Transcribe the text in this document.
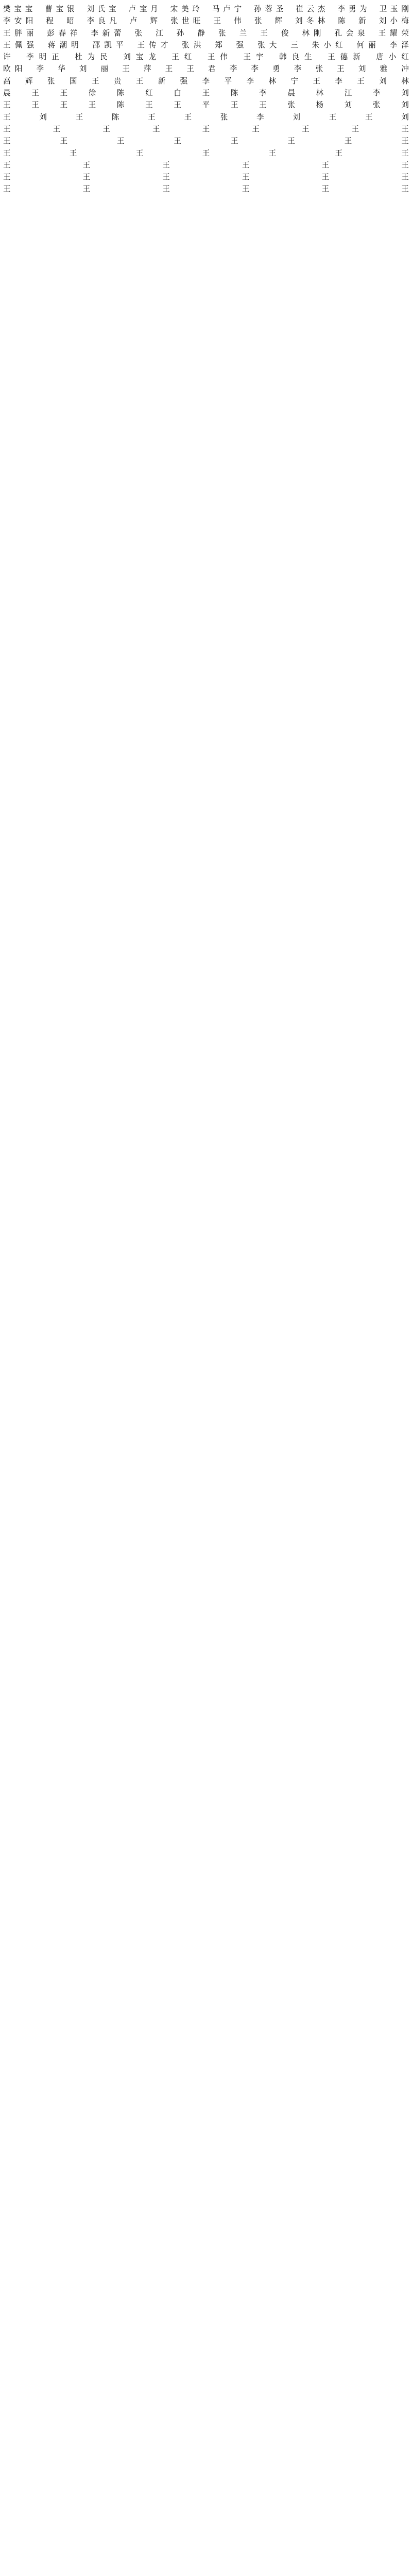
樊宝宝 曹宝银 刘氏宝 卢宝月 宋美玲 马卢宁 孙蓉圣 崔云杰 李勇为 卫玉刚
李安阳 程 昭 李良凡 卢 辉 张世旺 王 伟 张 辉 刘冬林 陈 新 刘小梅
王胖丽 彭春祥 李新蕾 张 江 孙 静 张 兰 王 俊 林刚 孔会泉 王耀荣
王佩强 蒋潮明 邵凯平 王传才 张洪 郑 强 张大 三 朱小红 何丽 李泽
许 李明正 杜为民 刘宝龙 王红 王伟 王宇 韩良生 王德新 唐小红
欧阳 李 华 刘 丽 王 萍 王 王 君 李 李 勇 李 张 王 刘 雅 冲
高 辉 张 国 王 贵 王 新 强 李 平 李 林 宁 王 李 王 刘 林
晨 王 王 徐 陈 红 白 王 陈 李 晨 林 江 李 刘
王 王 王 王 陈 王 王 平 王 王 张 杨 刘 张 刘
王 刘 王 陈 王 王 张 李 刘 王 王 刘
王 王 王 王 王 王 王 王 王
王 王 王 王 王 王 王 王
王 王 王 王 王 王 王
王 王 王 王 王 王
王 王 王 王 王 王
王 王 王 王 王 王
